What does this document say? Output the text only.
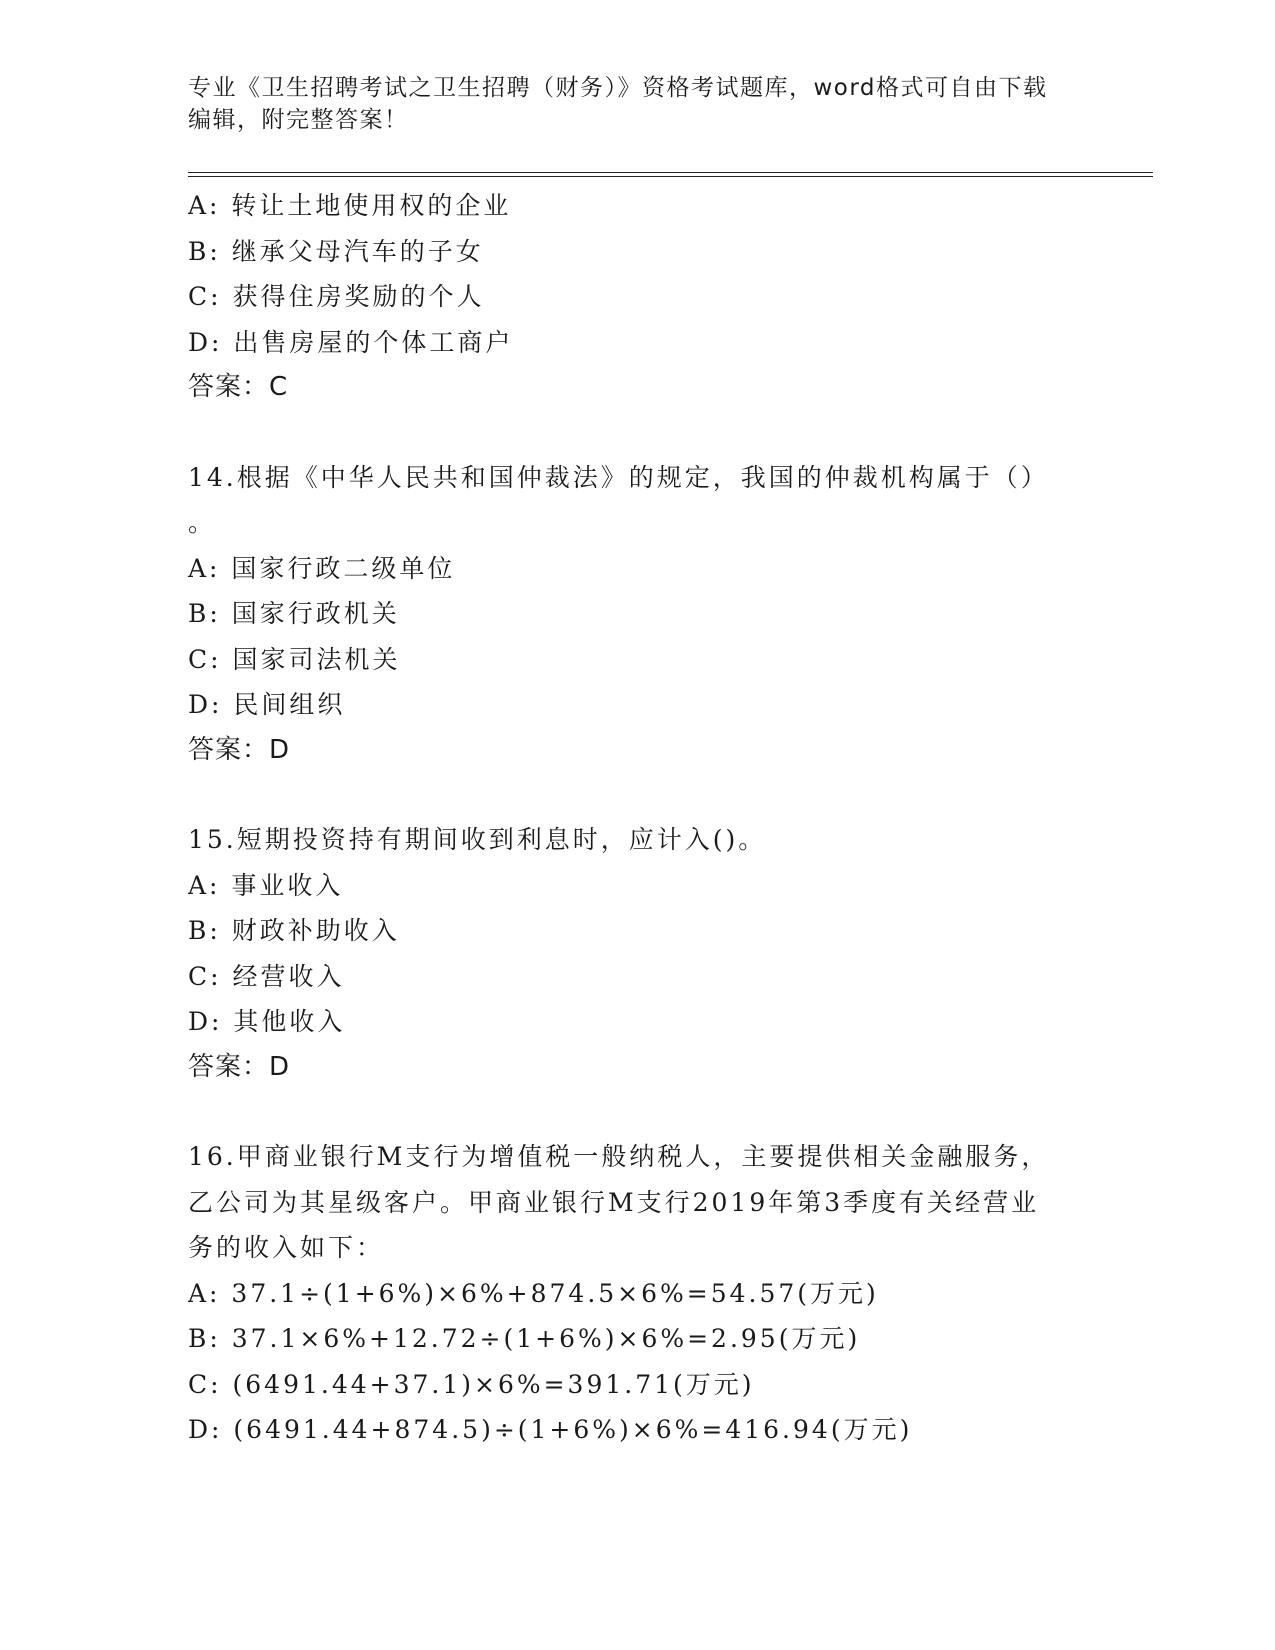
专业《卫生招聘考试之卫生招聘（财务）》资格考试题库，word格式可自由下载编辑，附完整答案！

A: 转让土地使用权的企业
B: 继承父母汽车的子女
C: 获得住房奖励的个人
D: 出售房屋的个体工商户
答案：C
14.根据《中华人民共和国仲裁法》的规定，我国的仲裁机构属于（）
。
A: 国家行政二级单位
B: 国家行政机关
C: 国家司法机关
D: 民间组织
答案：D
15.短期投资持有期间收到利息时，应计入()。
A: 事业收入
B: 财政补助收入
C: 经营收入
D: 其他收入
答案：D
16.甲商业银行M支行为增值税一般纳税人，主要提供相关金融服务，
乙公司为其星级客户。甲商业银行M支行2019年第3季度有关经营业
务的收入如下：
A: 37.1÷(1+6%)×6%+874.5×6%=54.57(万元)
B: 37.1×6%+12.72÷(1+6%)×6%=2.95(万元)
C: (6491.44+37.1)×6%=391.71(万元)
D: (6491.44+874.5)÷(1+6%)×6%=416.94(万元)
